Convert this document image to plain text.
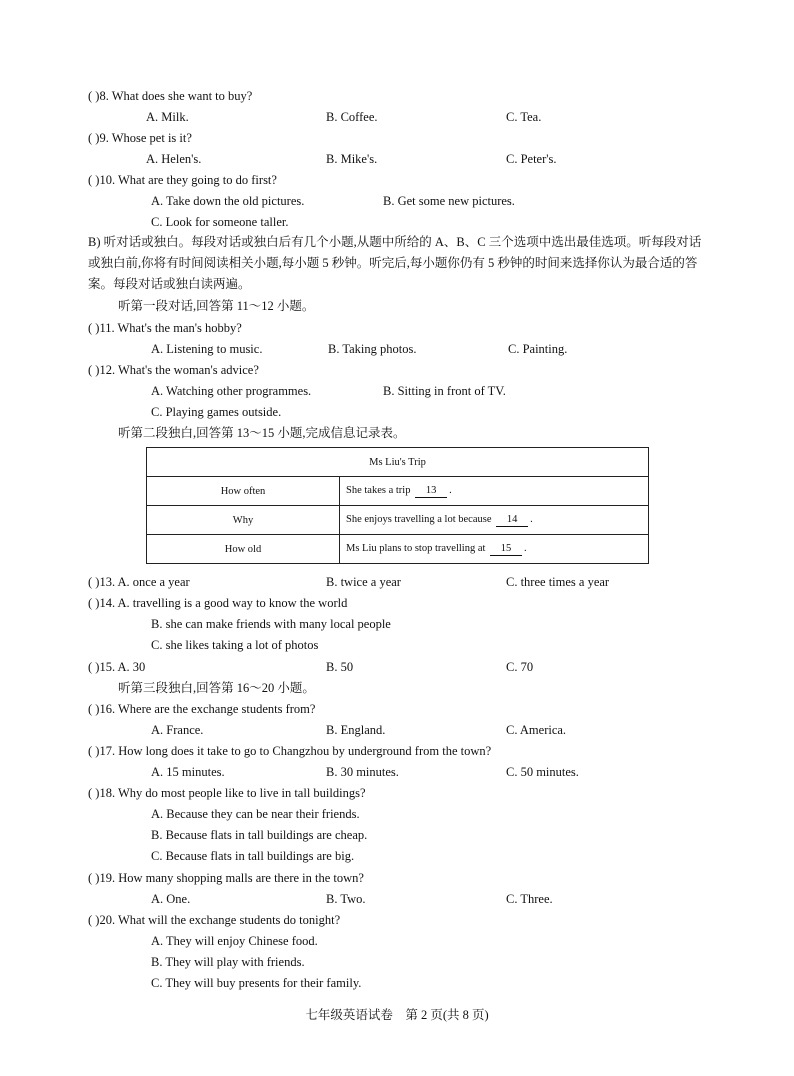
( )8. What does she want to buy?
A. Milk.	B. Coffee.	C. Tea.
( )9. Whose pet is it?
A. Helen's.	B. Mike's.	C. Peter's.
( )10. What are they going to do first?
A. Take down the old pictures.	B. Get some new pictures.
C. Look for someone taller.
听第一段对话,回答第 11～12 小题。
( )11. What's the man's hobby?
A. Listening to music.	B. Taking photos.	C. Painting.
( )12. What's the woman's advice?
A. Watching other programmes.	B. Sitting in front of TV.
C. Playing games outside.
听第二段独白,回答第 13～15 小题,完成信息记录表。
( )13. A. once a year	B. twice a year	C. three times a year
( )14. A. travelling is a good way to know the world
B. she can make friends with many local people
C. she likes taking a lot of photos
( )15. A. 30	B. 50	C. 70
听第三段独白,回答第 16～20 小题。
( )16. Where are the exchange students from?
A. France.	B. England.	C. America.
( )17. How long does it take to go to Changzhou by underground from the town?
A. 15 minutes.	B. 30 minutes.	C. 50 minutes.
( )18. Why do most people like to live in tall buildings?
A. Because they can be near their friends.
B. Because flats in tall buildings are cheap.
C. Because flats in tall buildings are big.
( )19. How many shopping malls are there in the town?
A. One.	B. Two.	C. Three.
( )20. What will the exchange students do tonight?
A. They will enjoy Chinese food.
B. They will play with friends.
C. They will buy presents for their family.
B) 听对话或独白。每段对话或独白后有几个小题,从题中所给的 A、B、C 三个选项中选出最佳选项。听每段对话或独白前,你将有时间阅读相关小题,每小题 5 秒钟。听完后,每小题你仍有 5 秒钟的时间来选择你认为最合适的答案。每段对话或独白读两遍。
Ms Liu's Trip	
How often	She takes a trip 13 .
Why	She enjoys travelling a lot because 14 .
How old	Ms Liu plans to stop travelling at 15 .
七年级英语试卷　第 2 页(共 8 页)
